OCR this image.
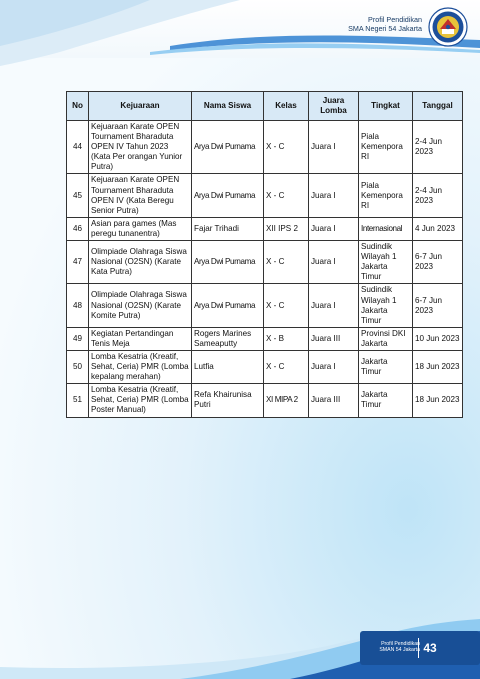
Profil Pendidikan
SMA Negeri 54 Jakarta
No	Kejuaraan	Nama Siswa	Kelas	Juara Lomba	Tingkat	Tanggal
44	Kejuaraan Karate OPEN Tournament Bharaduta OPEN IV Tahun 2023 (Kata Per orangan Yunior Putra)	Arya Dwi Purnama	X - C	Juara I	Piala Kemenpora RI	2-4 Jun 2023
45	Kejuaraan Karate OPEN Tournament Bharaduta OPEN IV (Kata Beregu Senior Putra)	Arya Dwi Purnama	X - C	Juara I	Piala Kemenpora RI	2-4 Jun 2023
46	Asian para games (Mas peregu tunanentra)	Fajar Trihadi	XII IPS 2	Juara I	Internasional	4 Jun 2023
47	Olimpiade Olahraga Siswa Nasional (O2SN) (Karate Kata Putra)	Arya Dwi Purnama	X - C	Juara I	Sudindik Wilayah 1 Jakarta Timur	6-7 Jun 2023
48	Olimpiade Olahraga Siswa Nasional (O2SN) (Karate Komite Putra)	Arya Dwi Purnama	X - C	Juara I	Sudindik Wilayah 1 Jakarta Timur	6-7 Jun 2023
49	Kegiatan Pertandingan Tenis Meja	Rogers Marines Sameaputty	X - B	Juara III	Provinsi DKI Jakarta	10 Jun 2023
50	Lomba Kesatria (Kreatif, Sehat, Ceria) PMR (Lomba kepalang merahan)	Lutfia	X - C	Juara I	Jakarta Timur	18 Jun 2023
51	Lomba Kesatria (Kreatif, Sehat, Ceria) PMR (Lomba Poster Manual)	Refa Khairunisa Putri	XI MIPA 2	Juara III	Jakarta Timur	18 Jun 2023
Profil Pendidikan
SMAN 54 Jakarta 43
